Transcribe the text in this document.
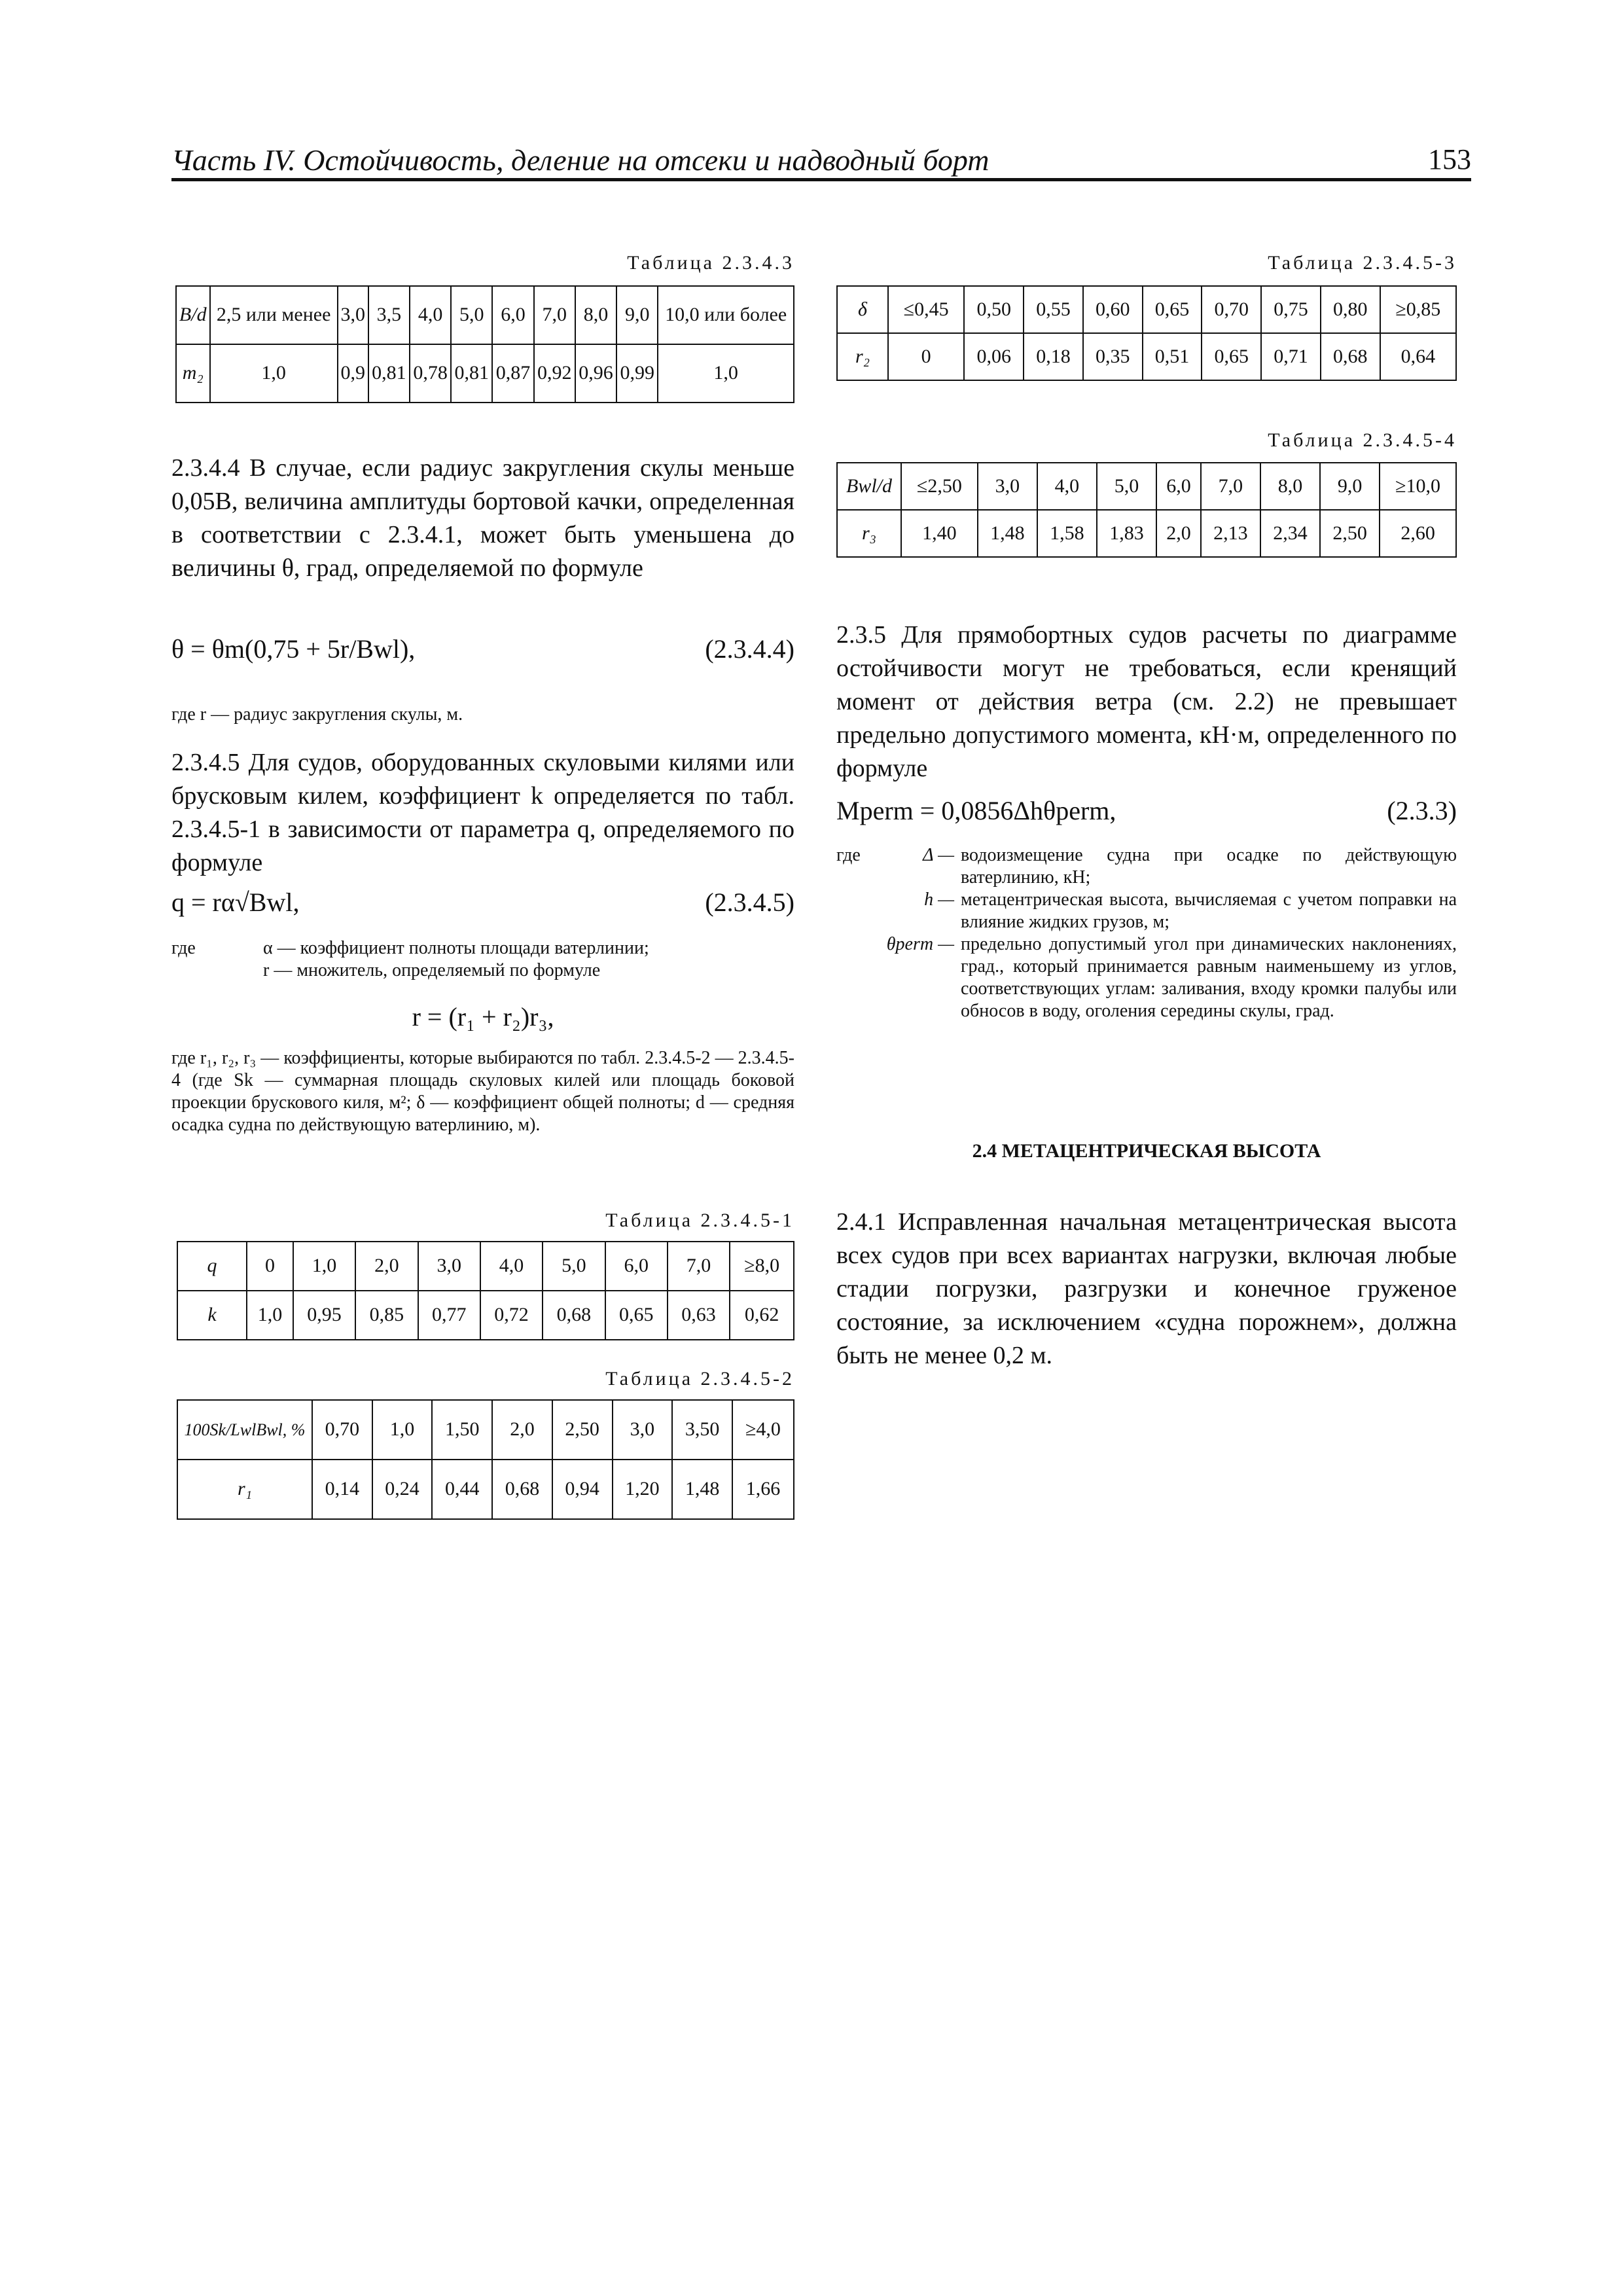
Часть IV. Остойчивость, деление на отсеки и надводный борт	153
Таблица 2.3.4.3
B/d	2,5 или менее	3,0	3,5	4,0	5,0	6,0	7,0	8,0	9,0	10,0 или более
m₂	1,0	0,9	0,81	0,78	0,81	0,87	0,92	0,96	0,99	1,0
2.3.4.4 В случае, если радиус закругления скулы меньше 0,05B, величина амплитуды бортовой качки, определенная в соответствии с 2.3.4.1, может быть уменьшена до величины θ, град, определяемой по формуле
θ = θm(0,75 + 5r/Bwl),	(2.3.4.4)
где r — радиус закругления скулы, м.
2.3.4.5 Для судов, оборудованных скуловыми килями или брусковым килем, коэффициент k определяется по табл. 2.3.4.5-1 в зависимости от параметра q, определяемого по формуле
q = rα√Bwl,	(2.3.4.5)
где	α — коэффициент полноты площади ватерлинии;
r — множитель, определяемый по формуле
r = (r₁ + r₂)r₃,
где r₁, r₂, r₃ — коэффициенты, которые выбираются по табл. 2.3.4.5-2 — 2.3.4.5-4 (где Sk — суммарная площадь скуловых килей или площадь боковой проекции брускового киля, м²; δ — коэффициент общей полноты; d — средняя осадка судна по действующую ватерлинию, м).
Таблица 2.3.4.5-1
q	0	1,0	2,0	3,0	4,0	5,0	6,0	7,0	≥8,0
k	1,0	0,95	0,85	0,77	0,72	0,68	0,65	0,63	0,62
Таблица 2.3.4.5-2
100Sk/LwlBwl, %	0,70	1,0	1,50	2,0	2,50	3,0	3,50	≥4,0
r₁	0,14	0,24	0,44	0,68	0,94	1,20	1,48	1,66
Таблица 2.3.4.5-3
δ	≤0,45	0,50	0,55	0,60	0,65	0,70	0,75	0,80	≥0,85
r₂	0	0,06	0,18	0,35	0,51	0,65	0,71	0,68	0,64
Таблица 2.3.4.5-4
Bwl/d	≤2,50	3,0	4,0	5,0	6,0	7,0	8,0	9,0	≥10,0
r₃	1,40	1,48	1,58	1,83	2,0	2,13	2,34	2,50	2,60
2.3.5 Для прямобортных судов расчеты по диаграмме остойчивости могут не требоваться, если кренящий момент от действия ветра (см. 2.2) не превышает предельно допустимого момента, кН·м, определенного по формуле
Mperm = 0,0856Δhθperm,	(2.3.3)
где	Δ — водоизмещение судна при осадке по действующую ватерлинию, кН;
h — метацентрическая высота, вычисляемая с учетом поправки на влияние жидких грузов, м;
θperm — предельно допустимый угол при динамических наклонениях, град., который принимается равным наименьшему из углов, соответствующих углам: заливания, входу кромки палубы или обносов в воду, оголения середины скулы, град.
2.4 МЕТАЦЕНТРИЧЕСКАЯ ВЫСОТА
2.4.1 Исправленная начальная метацентрическая высота всех судов при всех вариантах нагрузки, включая любые стадии погрузки, разгрузки и конечное груженое состояние, за исключением «судна порожнем», должна быть не менее 0,2 м.
